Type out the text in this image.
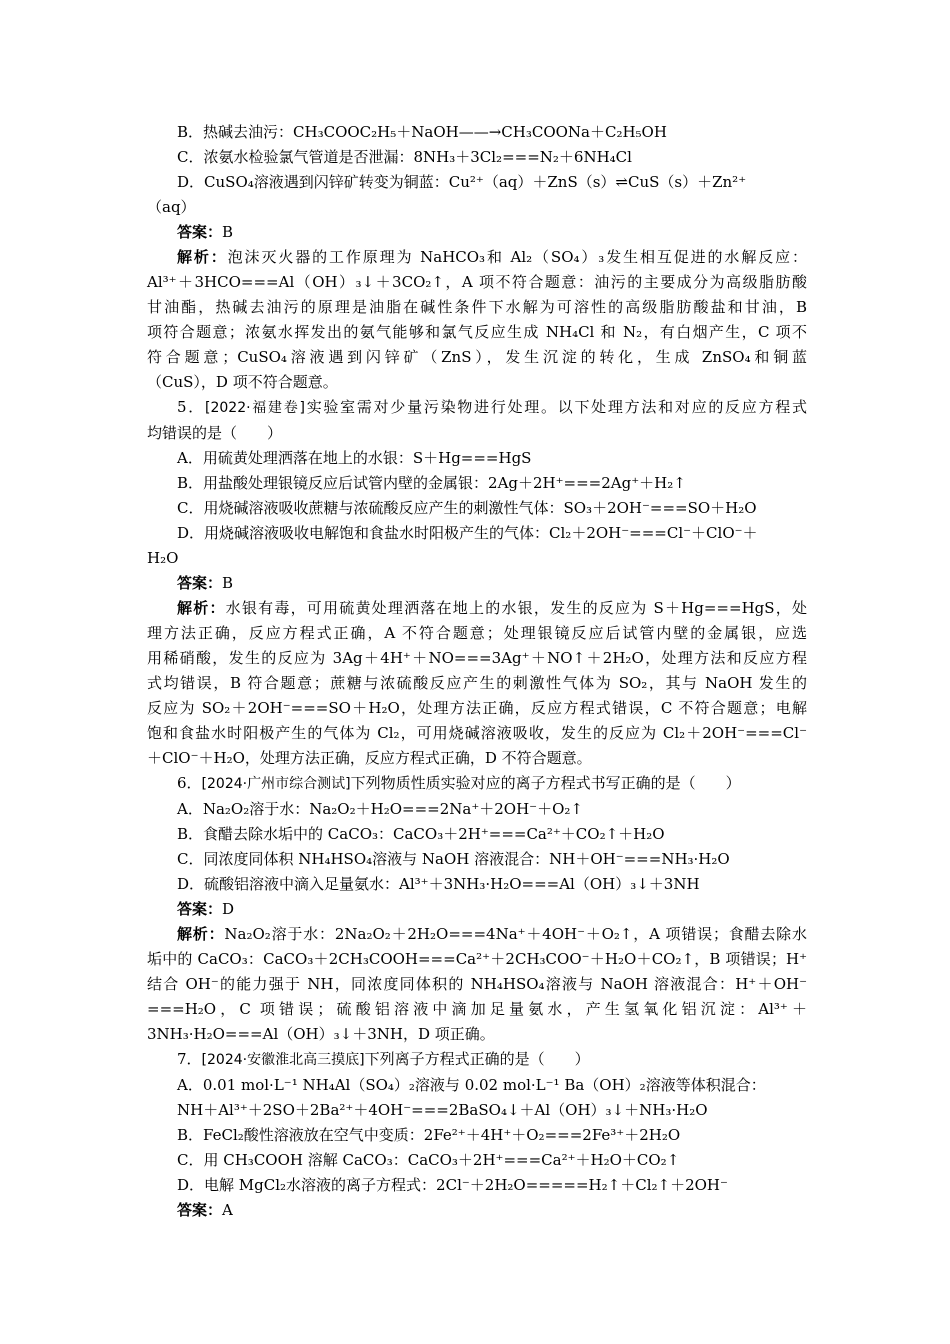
B．热碱去油污：CH₃COOC₂H₅＋NaOH——→CH₃COONa＋C₂H₅OH

C．浓氨水检验氯气管道是否泄漏：8NH₃＋3Cl₂===N₂＋6NH₄Cl

D．CuSO₄溶液遇到闪锌矿转变为铜蓝：Cu²⁺（aq）＋ZnS（s）⇌CuS（s）＋Zn²⁺

（aq）

答案：B

解析：泡沫灭火器的工作原理为 NaHCO₃和 Al₂（SO₄）₃发生相互促进的水解反应：

Al³⁺＋3HCO===Al（OH）₃↓＋3CO₂↑，A 项不符合题意：油污的主要成分为高级脂肪酸

甘油酯，热碱去油污的原理是油脂在碱性条件下水解为可溶性的高级脂肪酸盐和甘油，B

项符合题意；浓氨水挥发出的氨气能够和氯气反应生成 NH₄Cl 和 N₂，有白烟产生，C 项不

符合题意；CuSO₄溶液遇到闪锌矿（ZnS），发生沉淀的转化，生成 ZnSO₄和铜蓝

（CuS），D 项不符合题意。

5．[2022·福建卷]实验室需对少量污染物进行处理。以下处理方法和对应的反应方程式

均错误的是（　　）

A．用硫黄处理洒落在地上的水银：S＋Hg===HgS

B．用盐酸处理银镜反应后试管内壁的金属银：2Ag＋2H⁺===2Ag⁺＋H₂↑

C．用烧碱溶液吸收蔗糖与浓硫酸反应产生的刺激性气体：SO₃＋2OH⁻===SO＋H₂O

D．用烧碱溶液吸收电解饱和食盐水时阳极产生的气体：Cl₂＋2OH⁻===Cl⁻＋ClO⁻＋

H₂O

答案：B

解析：水银有毒，可用硫黄处理洒落在地上的水银，发生的反应为 S＋Hg===HgS，处

理方法正确，反应方程式正确，A 不符合题意；处理银镜反应后试管内壁的金属银，应选

用稀硝酸，发生的反应为 3Ag＋4H⁺＋NO===3Ag⁺＋NO↑＋2H₂O，处理方法和反应方程

式均错误，B 符合题意；蔗糖与浓硫酸反应产生的刺激性气体为 SO₂，其与 NaOH 发生的

反应为 SO₂＋2OH⁻===SO＋H₂O，处理方法正确，反应方程式错误，C 不符合题意；电解

饱和食盐水时阳极产生的气体为 Cl₂，可用烧碱溶液吸收，发生的反应为 Cl₂＋2OH⁻===Cl⁻

＋ClO⁻＋H₂O，处理方法正确，反应方程式正确，D 不符合题意。

6．[2024·广州市综合测试]下列物质性质实验对应的离子方程式书写正确的是（　　）

A．Na₂O₂溶于水：Na₂O₂＋H₂O===2Na⁺＋2OH⁻＋O₂↑

B．食醋去除水垢中的 CaCO₃：CaCO₃＋2H⁺===Ca²⁺＋CO₂↑＋H₂O

C．同浓度同体积 NH₄HSO₄溶液与 NaOH 溶液混合：NH＋OH⁻===NH₃·H₂O

D．硫酸铝溶液中滴入足量氨水：Al³⁺＋3NH₃·H₂O===Al（OH）₃↓＋3NH

答案：D

解析：Na₂O₂溶于水：2Na₂O₂＋2H₂O===4Na⁺＋4OH⁻＋O₂↑，A 项错误；食醋去除水

垢中的 CaCO₃：CaCO₃＋2CH₃COOH===Ca²⁺＋2CH₃COO⁻＋H₂O＋CO₂↑，B 项错误；H⁺

结合 OH⁻的能力强于 NH，同浓度同体积的 NH₄HSO₄溶液与 NaOH 溶液混合：H⁺＋OH⁻

===H₂O，C 项错误；硫酸铝溶液中滴加足量氨水，产生氢氧化铝沉淀：Al³⁺＋

3NH₃·H₂O===Al（OH）₃↓＋3NH，D 项正确。

7．[2024·安徽淮北高三摸底]下列离子方程式正确的是（　　）

A．0.01 mol·L⁻¹ NH₄Al（SO₄）₂溶液与 0.02 mol·L⁻¹ Ba（OH）₂溶液等体积混合：

NH＋Al³⁺＋2SO＋2Ba²⁺＋4OH⁻===2BaSO₄↓＋Al（OH）₃↓＋NH₃·H₂O

B．FeCl₂酸性溶液放在空气中变质：2Fe²⁺＋4H⁺＋O₂===2Fe³⁺＋2H₂O

C．用 CH₃COOH 溶解 CaCO₃：CaCO₃＋2H⁺===Ca²⁺＋H₂O＋CO₂↑

D．电解 MgCl₂水溶液的离子方程式：2Cl⁻＋2H₂O=====H₂↑＋Cl₂↑＋2OH⁻

答案：A
